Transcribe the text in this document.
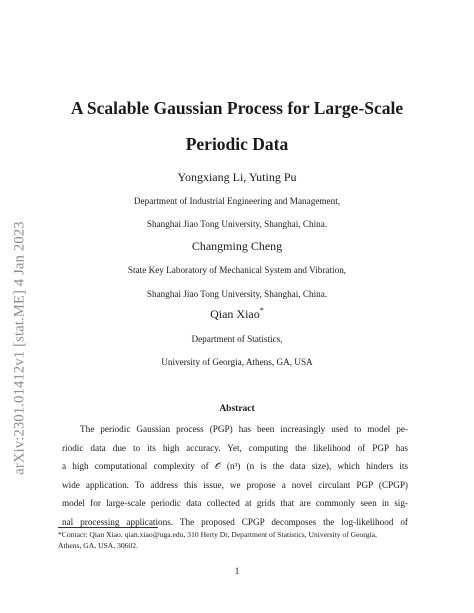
arXiv:2301.01412v1 [stat.ME] 4 Jan 2023
A Scalable Gaussian Process for Large-Scale
Periodic Data
Yongxiang Li, Yuting Pu
Department of Industrial Engineering and Management,
Shanghai Jiao Tong University, Shanghai, China.
Changming Cheng
State Key Laboratory of Mechanical System and Vibration,
Shanghai Jiao Tong University, Shanghai, China.
Qian Xiao*
Department of Statistics,
University of Georgia, Athens, GA, USA
Abstract
The periodic Gaussian process (PGP) has been increasingly used to model pe-
riodic data due to its high accuracy. Yet, computing the likelihood of PGP has
a high computational complexity of 𝒪 (n³) (n is the data size), which hinders its
wide application. To address this issue, we propose a novel circulant PGP (CPGP)
model for large-scale periodic data collected at grids that are commonly seen in sig-
nal processing applications. The proposed CPGP decomposes the log-likelihood of
*Contact: Qian Xiao, qian.xiao@uga.edu, 310 Herty Dr, Department of Statistics, University of Georgia,
Athens, GA, USA, 30602.
1
